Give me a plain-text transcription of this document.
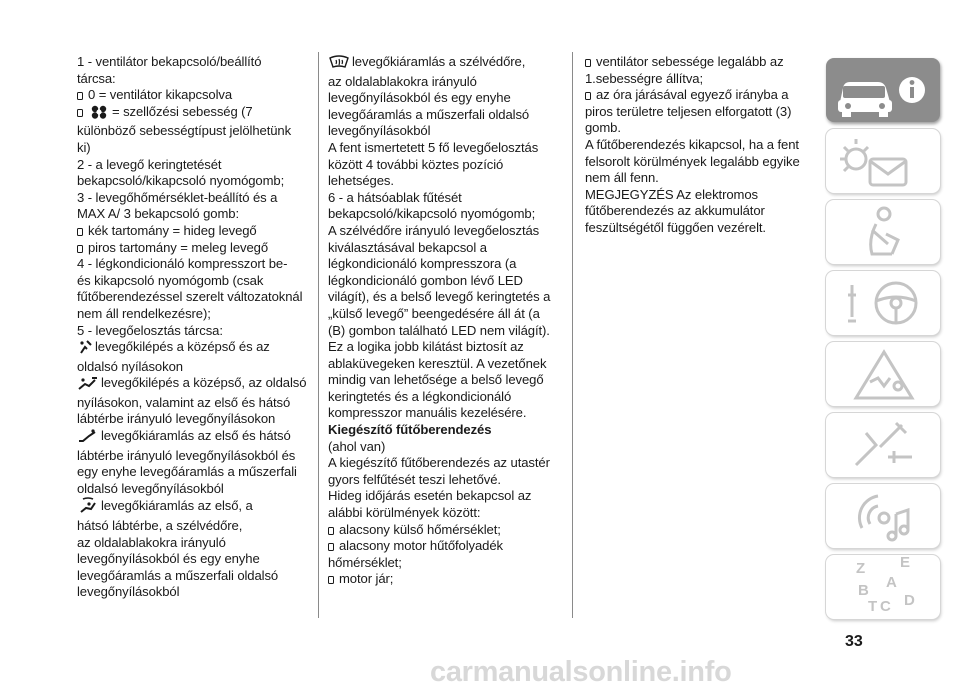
1 - ventilátor bekapcsoló/beállító
tárcsa:
0 = ventilátor kikapcsolva
= szellőzési sebesség (7
különböző sebességtípust jelölhetünk
ki)
2 - a levegő keringtetését
bekapcsoló/kikapcsoló nyomógomb;
3 - levegőhőmérséklet-beállító és a
MAX A/ 3 bekapcsoló gomb:
kék tartomány = hideg levegő
piros tartomány = meleg levegő
4 - légkondicionáló kompresszort be-
és kikapcsoló nyomógomb (csak
fűtőberendezéssel szerelt változatoknál
nem áll rendelkezésre);
5 - levegőelosztás tárcsa:
levegőkilépés a középső és az
oldalsó nyílásokon
levegőkilépés a középső, az oldalsó
nyílásokon, valamint az első és hátsó
lábtérbe irányuló levegőnyílásokon
levegőkiáramlás az első és hátsó
lábtérbe irányuló levegőnyílásokból és
egy enyhe levegőáramlás a műszerfali
oldalsó levegőnyílásokból
levegőkiáramlás az első, a
hátsó lábtérbe, a szélvédőre,
az oldalablakokra irányuló
levegőnyílásokból és egy enyhe
levegőáramlás a műszerfali oldalsó
levegőnyílásokból
levegőkiáramlás a szélvédőre,
az oldalablakokra irányuló
levegőnyílásokból és egy enyhe
levegőáramlás a műszerfali oldalsó
levegőnyílásokból
A fent ismertetett 5 fő levegőelosztás
között 4 további köztes pozíció
lehetséges.
6 - a hátsóablak fűtését
bekapcsoló/kikapcsoló nyomógomb;
A szélvédőre irányuló levegőelosztás
kiválasztásával bekapcsol a
légkondicionáló kompresszora (a
légkondicionáló gombon lévő LED
világít), és a belső levegő keringtetés a
„külső levegő” beengedésére áll át (a
(B) gombon található LED nem világít).
Ez a logika jobb kilátást biztosít az
ablaküvegeken keresztül. A vezetőnek
mindig van lehetősége a belső levegő
keringtetés és a légkondicionáló
kompresszor manuális kezelésére.
Kiegészítő fűtőberendezés
(ahol van)
A kiegészítő fűtőberendezés az utastér
gyors felfűtését teszi lehetővé.
Hideg időjárás esetén bekapcsol az
alábbi körülmények között:
alacsony külső hőmérséklet;
alacsony motor hűtőfolyadék
hőmérséklet;
motor jár;
ventilátor sebessége legalább az
1.sebességre állítva;
az óra járásával egyező irányba a
piros területre teljesen elforgatott (3)
gomb.
A fűtőberendezés kikapcsol, ha a fent
felsorolt körülmények legalább egyike
nem áll fenn.
MEGJEGYZÉS Az elektromos
fűtőberendezés az akkumulátor
feszültségétől függően vezérelt.
Z E
A
B
C D
T
33
carmanualsonline.info
